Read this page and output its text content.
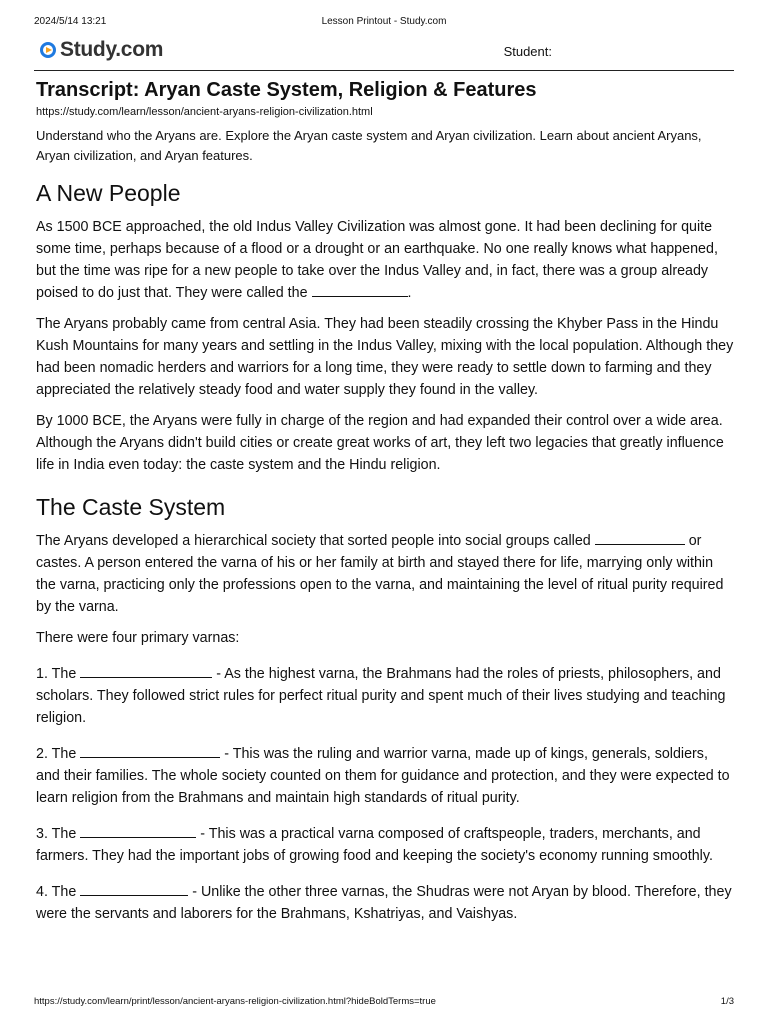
2024/5/14 13:21	Lesson Printout - Study.com
Study.com	Student:
Transcript: Aryan Caste System, Religion & Features
https://study.com/learn/lesson/ancient-aryans-religion-civilization.html

Understand who the Aryans are. Explore the Aryan caste system and Aryan civilization. Learn about ancient Aryans, Aryan civilization, and Aryan features.

A New People

As 1500 BCE approached, the old Indus Valley Civilization was almost gone. It had been declining for quite some time, perhaps because of a flood or a drought or an earthquake. No one really knows what happened, but the time was ripe for a new people to take over the Indus Valley and, in fact, there was a group already poised to do just that. They were called the	.

The Aryans probably came from central Asia. They had been steadily crossing the Khyber Pass in the Hindu Kush Mountains for many years and settling in the Indus Valley, mixing with the local population. Although they had been nomadic herders and warriors for a long time, they were ready to settle down to farming and they appreciated the relatively steady food and water supply they found in the valley.

By 1000 BCE, the Aryans were fully in charge of the region and had expanded their control over a wide area. Although the Aryans didn't build cities or create great works of art, they left two legacies that greatly influence life in India even today: the caste system and the Hindu religion.

The Caste System

The Aryans developed a hierarchical society that sorted people into social groups called	or castes. A person entered the varna of his or her family at birth and stayed there for life, marrying only within the varna, practicing only the professions open to the varna, and maintaining the level of ritual purity required by the varna.

There were four primary varnas:

1. The	- As the highest varna, the Brahmans had the roles of priests, philosophers, and scholars. They followed strict rules for perfect ritual purity and spent much of their lives studying and teaching religion.

2. The	- This was the ruling and warrior varna, made up of kings, generals, soldiers, and their families. The whole society counted on them for guidance and protection, and they were expected to learn religion from the Brahmans and maintain high standards of ritual purity.

3. The	- This was a practical varna composed of craftspeople, traders, merchants, and farmers. They had the important jobs of growing food and keeping the society's economy running smoothly.

4. The	- Unlike the other three varnas, the Shudras were not Aryan by blood. Therefore, they were the servants and laborers for the Brahmans, Kshatriyas, and Vaishyas.

https://study.com/learn/print/lesson/ancient-aryans-religion-civilization.html?hideBoldTerms=true	1/3
